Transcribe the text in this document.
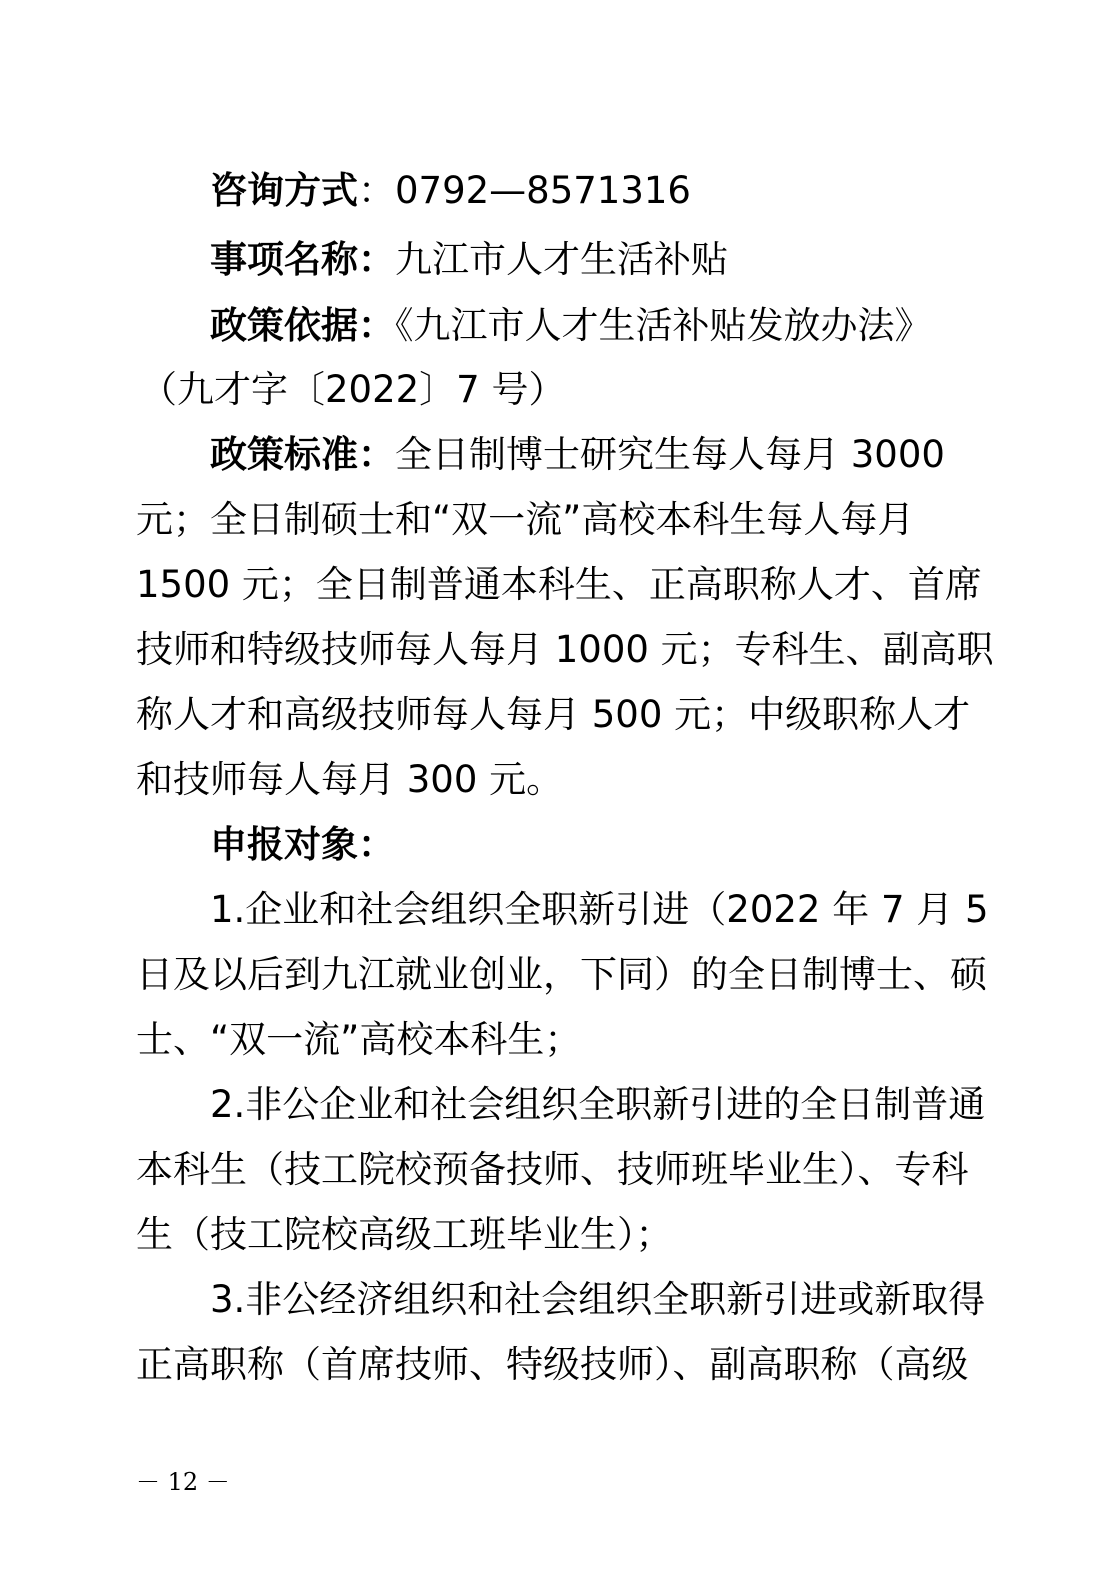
咨询方式：0792—8571316
事项名称：九江市人才生活补贴
政策依据：《九江市人才生活补贴发放办法》
（九才字〔2022〕7 号）
政策标准：全日制博士研究生每人每月 3000
元；全日制硕士和“双一流”高校本科生每人每月
1500 元；全日制普通本科生、正高职称人才、首席
技师和特级技师每人每月 1000 元；专科生、副高职
称人才和高级技师每人每月 500 元；中级职称人才
和技师每人每月 300 元。
申报对象：
1.企业和社会组织全职新引进（2022 年 7 月 5
日及以后到九江就业创业，下同）的全日制博士、硕
士、“双一流”高校本科生；
2.非公企业和社会组织全职新引进的全日制普通
本科生（技工院校预备技师、技师班毕业生）、专科
生（技工院校高级工班毕业生）；
3.非公经济组织和社会组织全职新引进或新取得
正高职称（首席技师、特级技师）、副高职称（高级
－ 12 －
